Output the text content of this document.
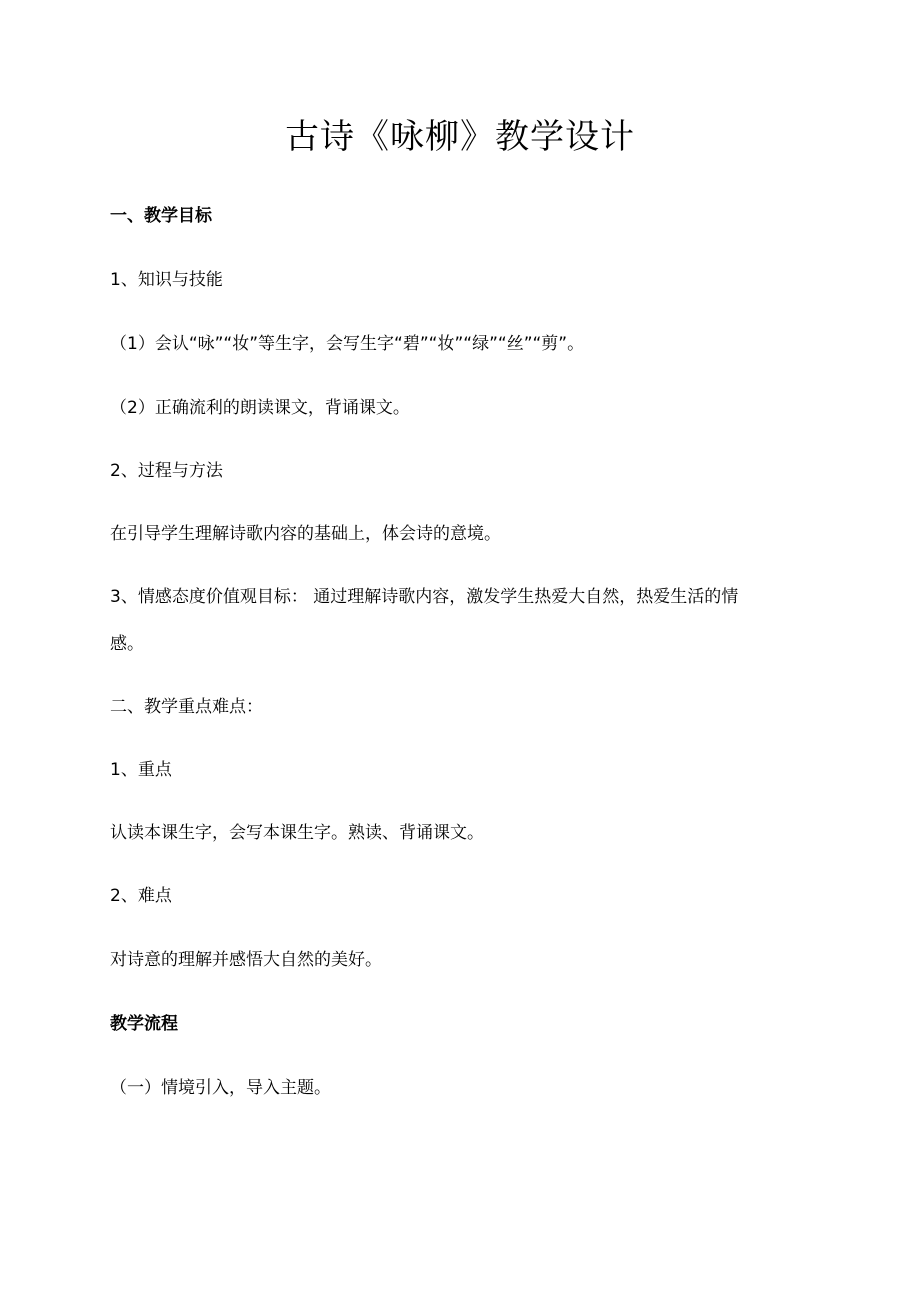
古诗《咏柳》教学设计
一、教学目标
1、知识与技能
（1）会认“咏”“妆”等生字，会写生字“碧”“妆”“绿”“丝”“剪”。
（2）正确流利的朗读课文，背诵课文。
2、过程与方法
在引导学生理解诗歌内容的基础上，体会诗的意境。
3、情感态度价值观目标： 通过理解诗歌内容，激发学生热爱大自然，热爱生活的情
感。
二、教学重点难点：
1、重点
认读本课生字，会写本课生字。熟读、背诵课文。
2、难点
对诗意的理解并感悟大自然的美好。
教学流程
（一）情境引入，导入主题。
